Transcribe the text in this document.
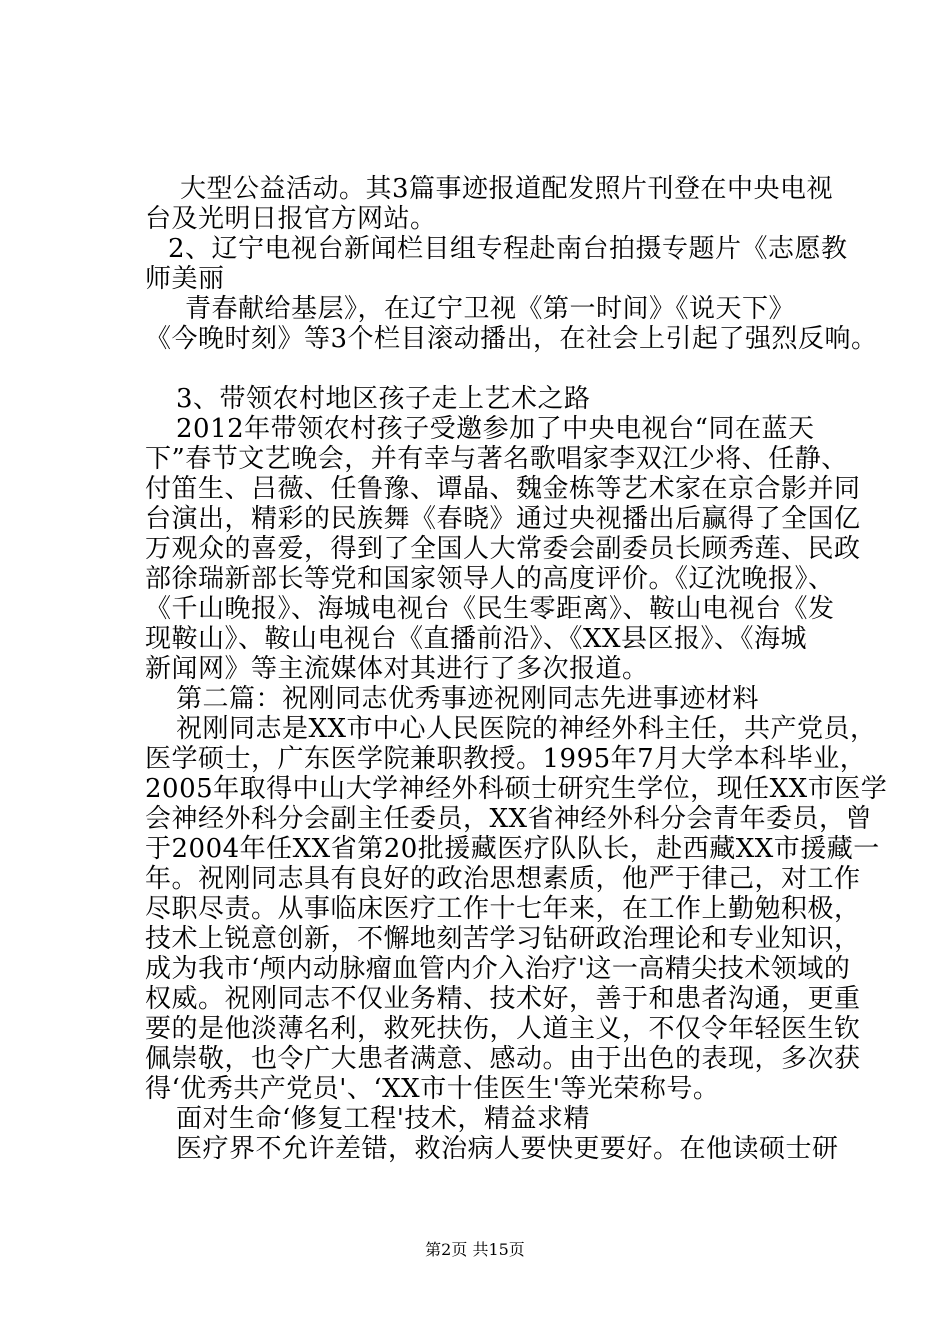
大型公益活动。其3篇事迹报道配发照片刊登在中央电视
台及光明日报官方网站。
2、辽宁电视台新闻栏目组专程赴南台拍摄专题片《志愿教
师美丽
青春献给基层》，在辽宁卫视《第一时间》《说天下》
《今晚时刻》等3个栏目滚动播出，在社会上引起了强烈反响。
3、带领农村地区孩子走上艺术之路
2012年带领农村孩子受邀参加了中央电视台“同在蓝天
下”春节文艺晚会，并有幸与著名歌唱家李双江少将、任静、
付笛生、吕薇、任鲁豫、谭晶、魏金栋等艺术家在京合影并同
台演出，精彩的民族舞《春晓》通过央视播出后赢得了全国亿
万观众的喜爱，得到了全国人大常委会副委员长顾秀莲、民政
部徐瑞新部长等党和国家领导人的高度评价。《辽沈晚报》、
《千山晚报》、海城电视台《民生零距离》、鞍山电视台《发
现鞍山》、鞍山电视台《直播前沿》、《XX县区报》、《海城
新闻网》等主流媒体对其进行了多次报道。
第二篇：祝刚同志优秀事迹祝刚同志先进事迹材料
祝刚同志是XX市中心人民医院的神经外科主任，共产党员，
医学硕士，广东医学院兼职教授。1995年7月大学本科毕业，
2005年取得中山大学神经外科硕士研究生学位，现任XX市医学
会神经外科分会副主任委员，XX省神经外科分会青年委员，曾
于2004年任XX省第20批援藏医疗队队长，赴西藏XX市援藏一
年。祝刚同志具有良好的政治思想素质，他严于律己，对工作
尽职尽责。从事临床医疗工作十七年来，在工作上勤勉积极，
技术上锐意创新，不懈地刻苦学习钻研政治理论和专业知识，
成为我市‘颅内动脉瘤血管内介入治疗'这一高精尖技术领域的
权威。祝刚同志不仅业务精、技术好，善于和患者沟通，更重
要的是他淡薄名利，救死扶伤，人道主义，不仅令年轻医生钦
佩崇敬，也令广大患者满意、感动。由于出色的表现，多次获
得‘优秀共产党员'、‘XX市十佳医生'等光荣称号。
面对生命‘修复工程'技术，精益求精
医疗界不允许差错，救治病人要快更要好。在他读硕士研
第2页 共15页
